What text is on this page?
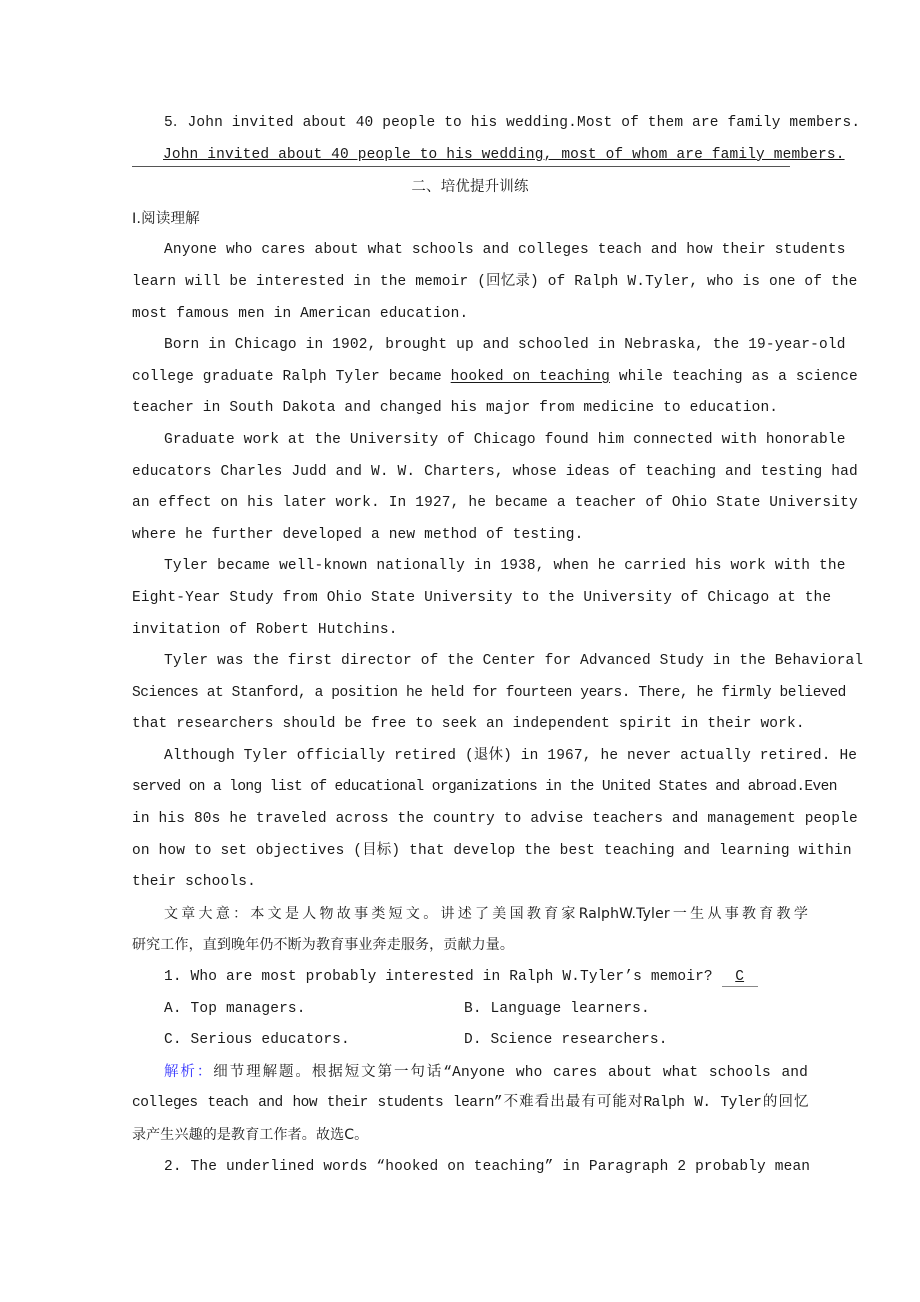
5．John invited about 40 people to his wedding.Most of them are family members.
John invited about 40 people to his wedding, most of whom are family members.
二、培优提升训练
Ⅰ.阅读理解
Anyone who cares about what schools and colleges teach and how their students
learn will be interested in the memoir (回忆录) of Ralph W.Tyler, who is one of the
most famous men in American education.
Born in Chicago in 1902, brought up and schooled in Nebraska, the 19-year-old
college graduate Ralph Tyler became hooked on teaching while teaching as a science
teacher in South Dakota and changed his major from medicine to education.
Graduate work at the University of Chicago found him connected with honorable
educators Charles Judd and W. W. Charters, whose ideas of teaching and testing had
an effect on his later work. In 1927, he became a teacher of Ohio State University
where he further developed a new method of testing.
Tyler became well-known nationally in 1938, when he carried his work with the
Eight-Year Study from Ohio State University to the University of Chicago at the
invitation of Robert Hutchins.
Tyler was the first director of the Center for Advanced Study in the Behavioral
Sciences at Stanford, a position he held for fourteen years. There, he firmly believed
that researchers should be free to seek an independent spirit in their work.
Although Tyler officially retired (退休) in 1967, he never actually retired. He
served on a long list of educational organizations in the United States and abroad.Even
in his 80s he traveled across the country to advise teachers and management people
on how to set objectives (目标) that develop the best teaching and learning within
their schools.
文章大意：本文是人物故事类短文。讲述了美国教育家RalphW.Tyler一生从事教育教学
研究工作，直到晚年仍不断为教育事业奔走服务，贡献力量。
1. Who are most probably interested in Ralph W.Tyler’s memoir? C
A. Top managers.	B. Language learners.
C. Serious educators.	D. Science researchers.
解析：细节理解题。根据短文第一句话“Anyone who cares about what schools and
colleges teach and how their students learn”不难看出最有可能对Ralph W. Tyler的回忆
录产生兴趣的是教育工作者。故选C。
2. The underlined words “hooked on teaching” in Paragraph 2 probably mean
